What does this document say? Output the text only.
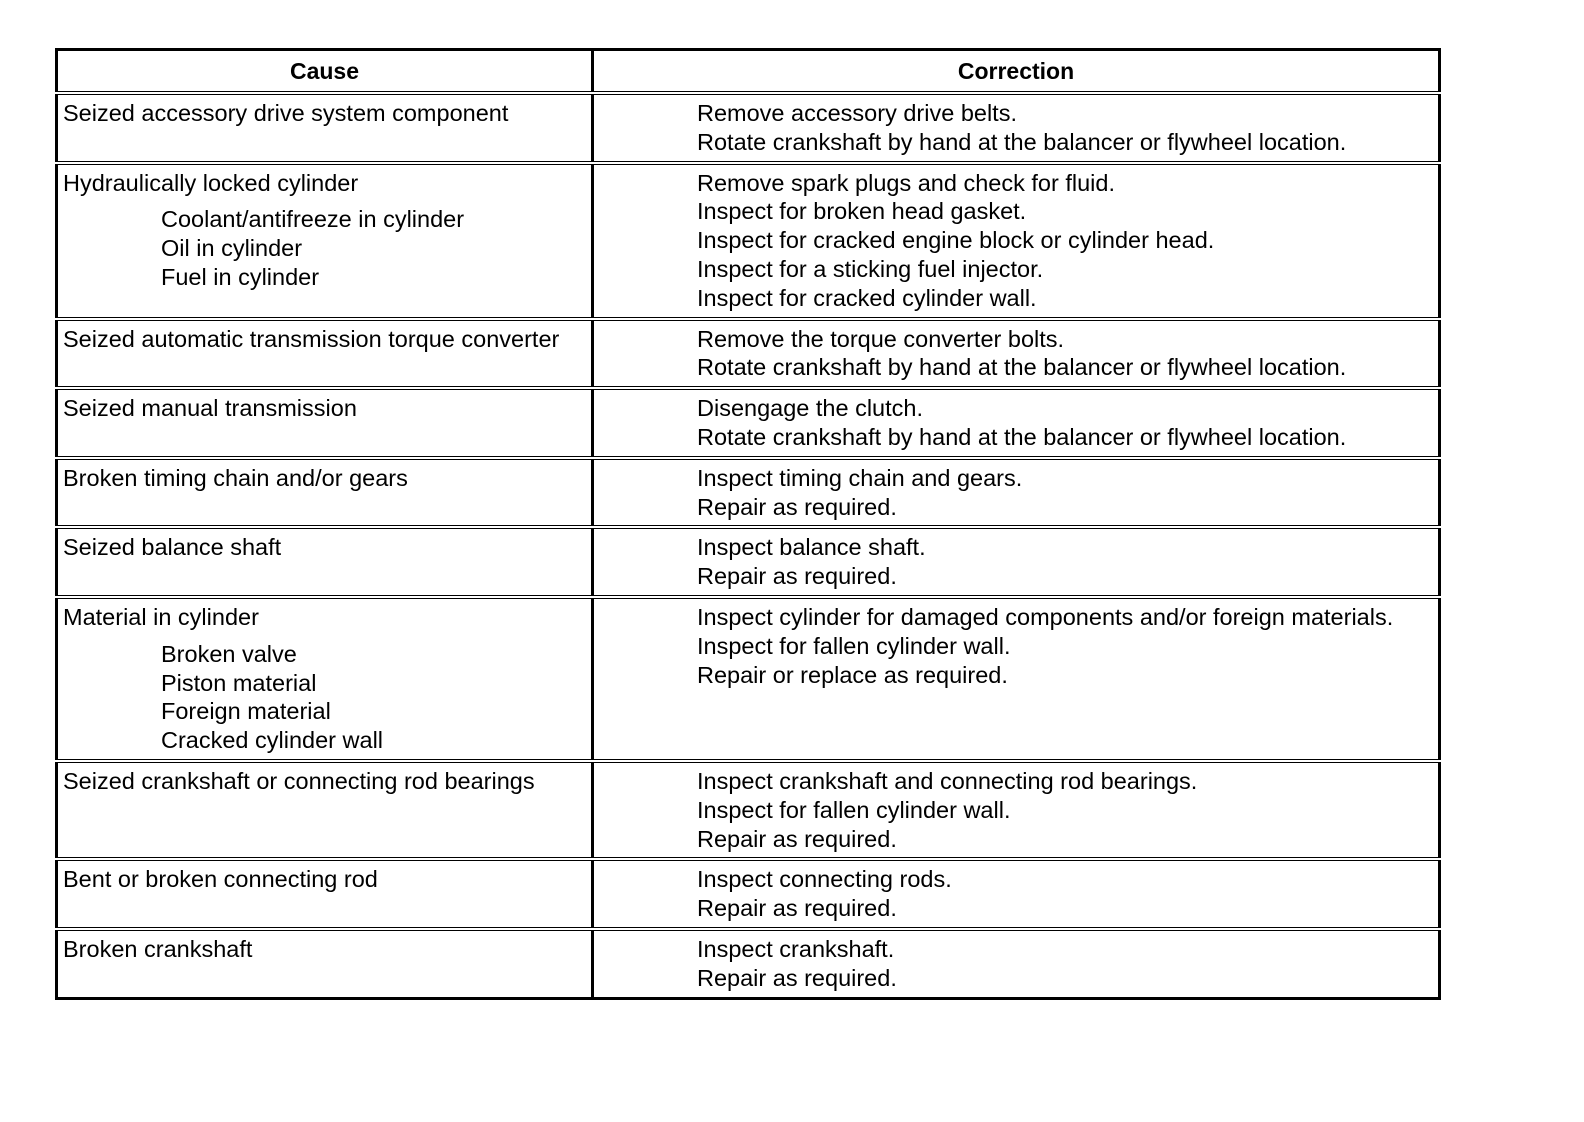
Cause	Correction

Seized accessory drive system component	Remove accessory drive belts.
Rotate crankshaft by hand at the balancer or flywheel location.

Hydraulically locked cylinder
Coolant/antifreeze in cylinder
Oil in cylinder
Fuel in cylinder	Remove spark plugs and check for fluid.
Inspect for broken head gasket.
Inspect for cracked engine block or cylinder head.
Inspect for a sticking fuel injector.
Inspect for cracked cylinder wall.

Seized automatic transmission torque converter	Remove the torque converter bolts.
Rotate crankshaft by hand at the balancer or flywheel location.

Seized manual transmission	Disengage the clutch.
Rotate crankshaft by hand at the balancer or flywheel location.

Broken timing chain and/or gears	Inspect timing chain and gears.
Repair as required.

Seized balance shaft	Inspect balance shaft.
Repair as required.

Material in cylinder
Broken valve
Piston material
Foreign material
Cracked cylinder wall	Inspect cylinder for damaged components and/or foreign materials.
Inspect for fallen cylinder wall.
Repair or replace as required.

Seized crankshaft or connecting rod bearings	Inspect crankshaft and connecting rod bearings.
Inspect for fallen cylinder wall.
Repair as required.

Bent or broken connecting rod	Inspect connecting rods.
Repair as required.

Broken crankshaft	Inspect crankshaft.
Repair as required.
